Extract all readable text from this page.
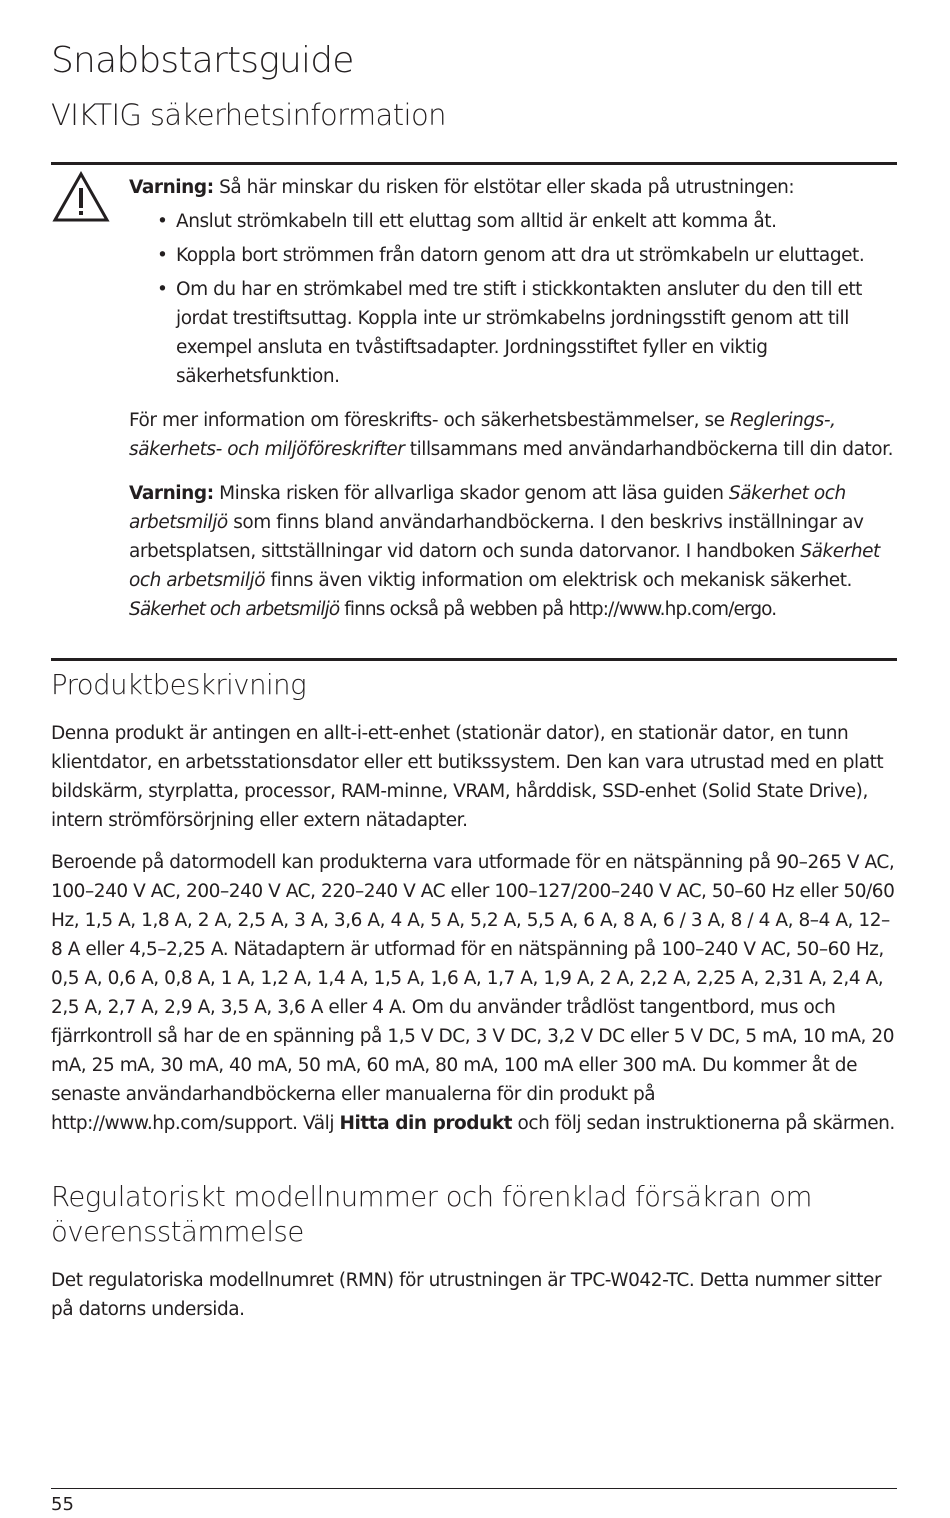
Snabbstartsguide
VIKTIG säkerhetsinformation

Varning: Så här minskar du risken för elstötar eller skada på utrustningen:

• Anslut strömkabeln till ett eluttag som alltid är enkelt att komma åt.
• Koppla bort strömmen från datorn genom att dra ut strömkabeln ur eluttaget.
• Om du har en strömkabel med tre stift i stickkontakten ansluter du den till ett jordat trestiftsuttag. Koppla inte ur strömkabelns jordningsstift genom att till exempel ansluta en tvåstiftsadapter. Jordningsstiftet fyller en viktig säkerhetsfunktion.

För mer information om föreskrifts- och säkerhetsbestämmelser, se Reglerings-, säkerhets- och miljöföreskrifter tillsammans med användarhandböckerna till din dator.

Varning: Minska risken för allvarliga skador genom att läsa guiden Säkerhet och arbetsmiljö som finns bland användarhandböckerna. I den beskrivs inställningar av arbetsplatsen, sittställningar vid datorn och sunda datorvanor. I handboken Säkerhet och arbetsmiljö finns även viktig information om elektrisk och mekanisk säkerhet. Säkerhet och arbetsmiljö finns också på webben på http://www.hp.com/ergo.

Produktbeskrivning

Denna produkt är antingen en allt-i-ett-enhet (stationär dator), en stationär dator, en tunn klientdator, en arbetsstationsdator eller ett butikssystem. Den kan vara utrustad med en platt bildskärm, styrplatta, processor, RAM-minne, VRAM, hårddisk, SSD-enhet (Solid State Drive), intern strömförsörjning eller extern nätadapter.

Beroende på datormodell kan produkterna vara utformade för en nätspänning på 90–265 V AC, 100–240 V AC, 200–240 V AC, 220–240 V AC eller 100–127/200–240 V AC, 50–60 Hz eller 50/60 Hz, 1,5 A, 1,8 A, 2 A, 2,5 A, 3 A, 3,6 A, 4 A, 5 A, 5,2 A, 5,5 A, 6 A, 8 A, 6 / 3 A, 8 / 4 A, 8–4 A, 12–8 A eller 4,5–2,25 A. Nätadaptern är utformad för en nätspänning på 100–240 V AC, 50–60 Hz, 0,5 A, 0,6 A, 0,8 A, 1 A, 1,2 A, 1,4 A, 1,5 A, 1,6 A, 1,7 A, 1,9 A, 2 A, 2,2 A, 2,25 A, 2,31 A, 2,4 A, 2,5 A, 2,7 A, 2,9 A, 3,5 A, 3,6 A eller 4 A. Om du använder trådlöst tangentbord, mus och fjärrkontroll så har de en spänning på 1,5 V DC, 3 V DC, 3,2 V DC eller 5 V DC, 5 mA, 10 mA, 20 mA, 25 mA, 30 mA, 40 mA, 50 mA, 60 mA, 80 mA, 100 mA eller 300 mA. Du kommer åt de senaste användarhandböckerna eller manualerna för din produkt på http://www.hp.com/support. Välj Hitta din produkt och följ sedan instruktionerna på skärmen.

Regulatoriskt modellnummer och förenklad försäkran om överensstämmelse

Det regulatoriska modellnumret (RMN) för utrustningen är TPC-W042-TC. Detta nummer sitter på datorns undersida.

55
